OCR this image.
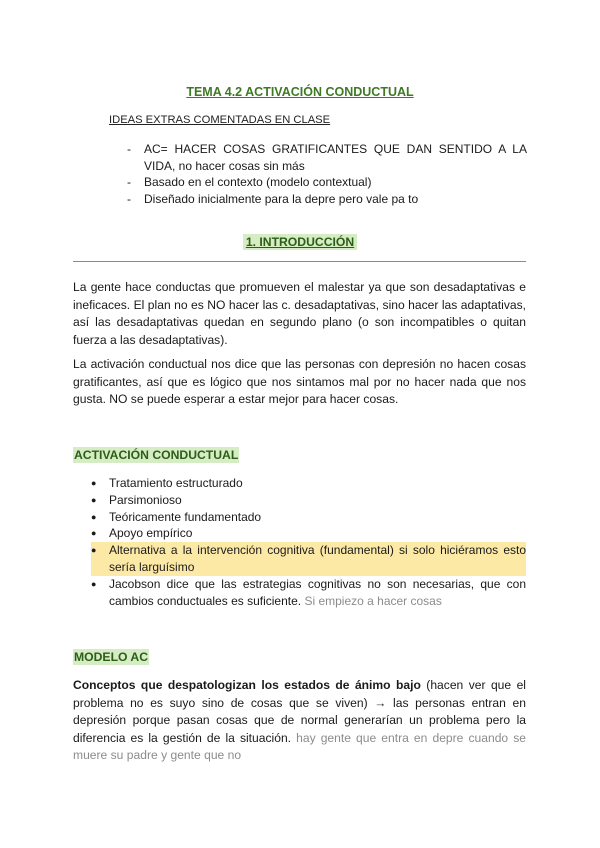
TEMA 4.2 ACTIVACIÓN CONDUCTUAL
IDEAS EXTRAS COMENTADAS EN CLASE
- AC= HACER COSAS GRATIFICANTES QUE DAN SENTIDO A LA VIDA, no hacer cosas sin más
- Basado en el contexto (modelo contextual)
- Diseñado inicialmente para la depre pero vale pa to
1. INTRODUCCIÓN

La gente hace conductas que promueven el malestar ya que son desadaptativas e ineficaces. El plan no es NO hacer las c. desadaptativas, sino hacer las adaptativas, así las desadaptativas quedan en segundo plano (o son incompatibles o quitan fuerza a las desadaptativas).

La activación conductual nos dice que las personas con depresión no hacen cosas gratificantes, así que es lógico que nos sintamos mal por no hacer nada que nos gusta. NO se puede esperar a estar mejor para hacer cosas.

ACTIVACIÓN CONDUCTUAL
● Tratamiento estructurado
● Parsimonioso
● Teóricamente fundamentado
● Apoyo empírico
● Alternativa a la intervención cognitiva (fundamental) si solo hiciéramos esto sería larguísimo
● Jacobson dice que las estrategias cognitivas no son necesarias, que con cambios conductuales es suficiente. Si empiezo a hacer cosas
MODELO AC

Conceptos que despatologizan los estados de ánimo bajo (hacen ver que el problema no es suyo sino de cosas que se viven) → las personas entran en depresión porque pasan cosas que de normal generarían un problema pero la diferencia es la gestión de la situación. hay gente que entra en depre cuando se muere su padre y gente que no
